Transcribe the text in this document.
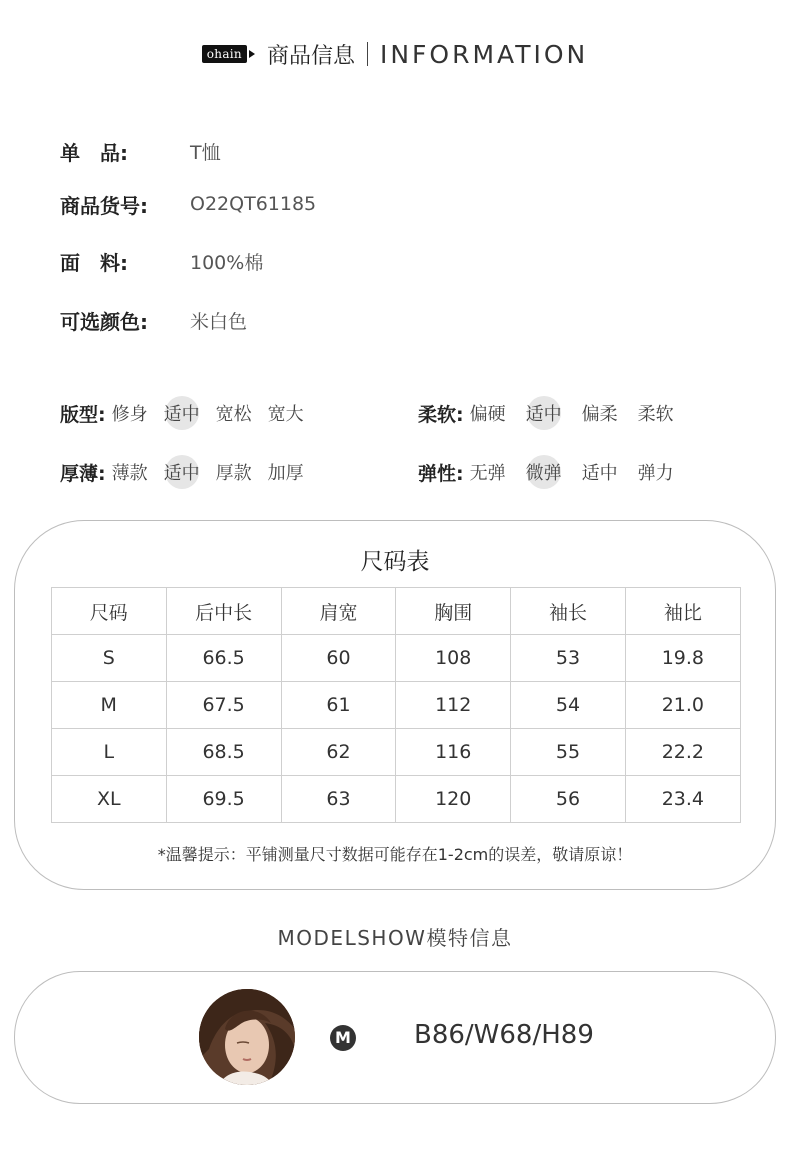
ohain 商品信息 INFORMATION
单　品:	T恤
商品货号:	O22QT61185
面　料:	100%棉
可选颜色:	米白色
版型: 修身 适中 宽松 宽大	柔软: 偏硬 适中 偏柔 柔软
厚薄: 薄款 适中 厚款 加厚	弹性: 无弹 微弹 适中 弹力
尺码表
尺码	后中长	肩宽	胸围	袖长	袖比
S	66.5	60	108	53	19.8
M	67.5	61	112	54	21.0
L	68.5	62	116	55	22.2
XL	69.5	63	120	56	23.4
*温馨提示：平铺测量尺寸数据可能存在1-2cm的误差，敬请原谅！
MODELSHOW模特信息
M B86/W68/H89
